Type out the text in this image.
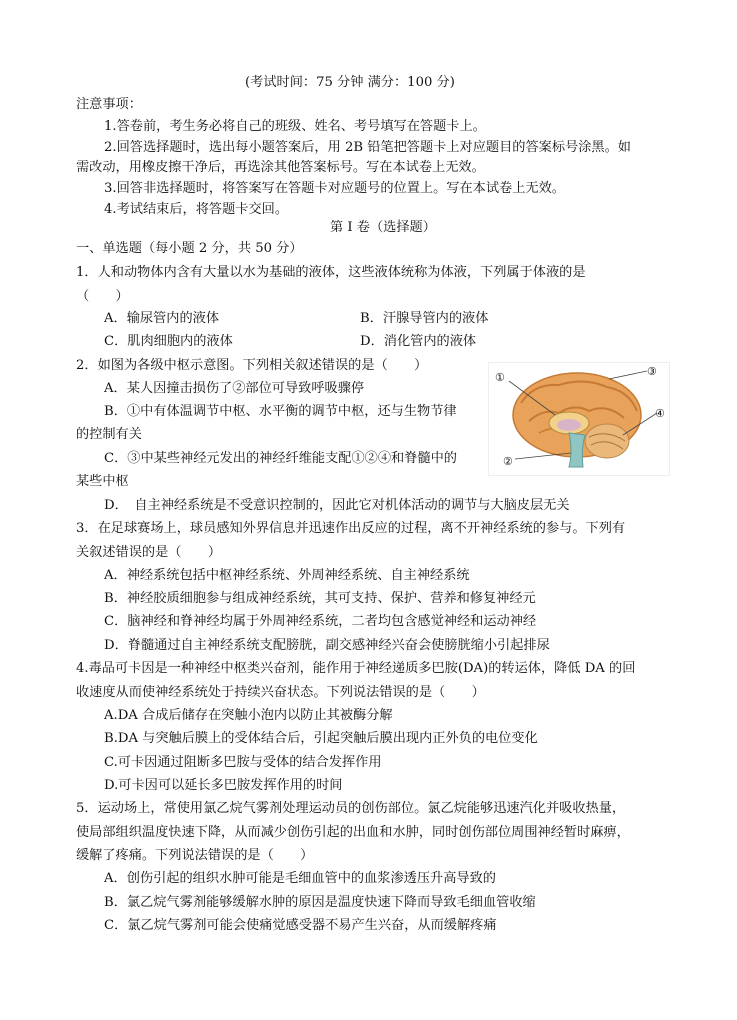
(考试时间：75 分钟 满分：100 分)
注意事项：
1.答卷前，考生务必将自己的班级、姓名、考号填写在答题卡上。
2.回答选择题时，选出每小题答案后，用 2B 铅笔把答题卡上对应题目的答案标号涂黑。如
需改动，用橡皮擦干净后，再选涂其他答案标号。写在本试卷上无效。
3.回答非选择题时，将答案写在答题卡对应题号的位置上。写在本试卷上无效。
4.考试结束后，将答题卡交回。
第 I 卷（选择题）
一、单选题（每小题 2 分，共 50 分）
1．人和动物体内含有大量以水为基础的液体，这些液体统称为体液，下列属于体液的是
（　　）
A．输尿管内的液体	B．汗腺导管内的液体
C．肌肉细胞内的液体	D．消化管内的液体
2．如图为各级中枢示意图。下列相关叙述错误的是（　　）
A．某人因撞击损伤了②部位可导致呼吸骤停
B．①中有体温调节中枢、水平衡的调节中枢，还与生物节律
的控制有关
C．③中某些神经元发出的神经纤维能支配①②④和脊髓中的
某些中枢
D．　自主神经系统是不受意识控制的，因此它对机体活动的调节与大脑皮层无关
①
②
③
④
3．在足球赛场上，球员感知外界信息并迅速作出反应的过程，离不开神经系统的参与。下列有
关叙述错误的是（　　）
A．神经系统包括中枢神经系统、外周神经系统、自主神经系统
B．神经胶质细胞参与组成神经系统，其可支持、保护、营养和修复神经元
C．脑神经和脊神经均属于外周神经系统，二者均包含感觉神经和运动神经
D．脊髓通过自主神经系统支配膀胱，副交感神经兴奋会使膀胱缩小引起排尿
4.毒品可卡因是一种神经中枢类兴奋剂，能作用于神经递质多巴胺(DA)的转运体，降低 DA 的回
收速度从而使神经系统处于持续兴奋状态。下列说法错误的是（　　）
A.DA 合成后储存在突触小泡内以防止其被酶分解
B.DA 与突触后膜上的受体结合后，引起突触后膜出现内正外负的电位变化
C.可卡因通过阻断多巴胺与受体的结合发挥作用
D.可卡因可以延长多巴胺发挥作用的时间
5．运动场上，常使用氯乙烷气雾剂处理运动员的创伤部位。氯乙烷能够迅速汽化并吸收热量，
使局部组织温度快速下降，从而减少创伤引起的出血和水肿，同时创伤部位周围神经暂时麻痹，
缓解了疼痛。下列说法错误的是（　　）
A．创伤引起的组织水肿可能是毛细血管中的血浆渗透压升高导致的
B．氯乙烷气雾剂能够缓解水肿的原因是温度快速下降而导致毛细血管收缩
C．氯乙烷气雾剂可能会使痛觉感受器不易产生兴奋，从而缓解疼痛
